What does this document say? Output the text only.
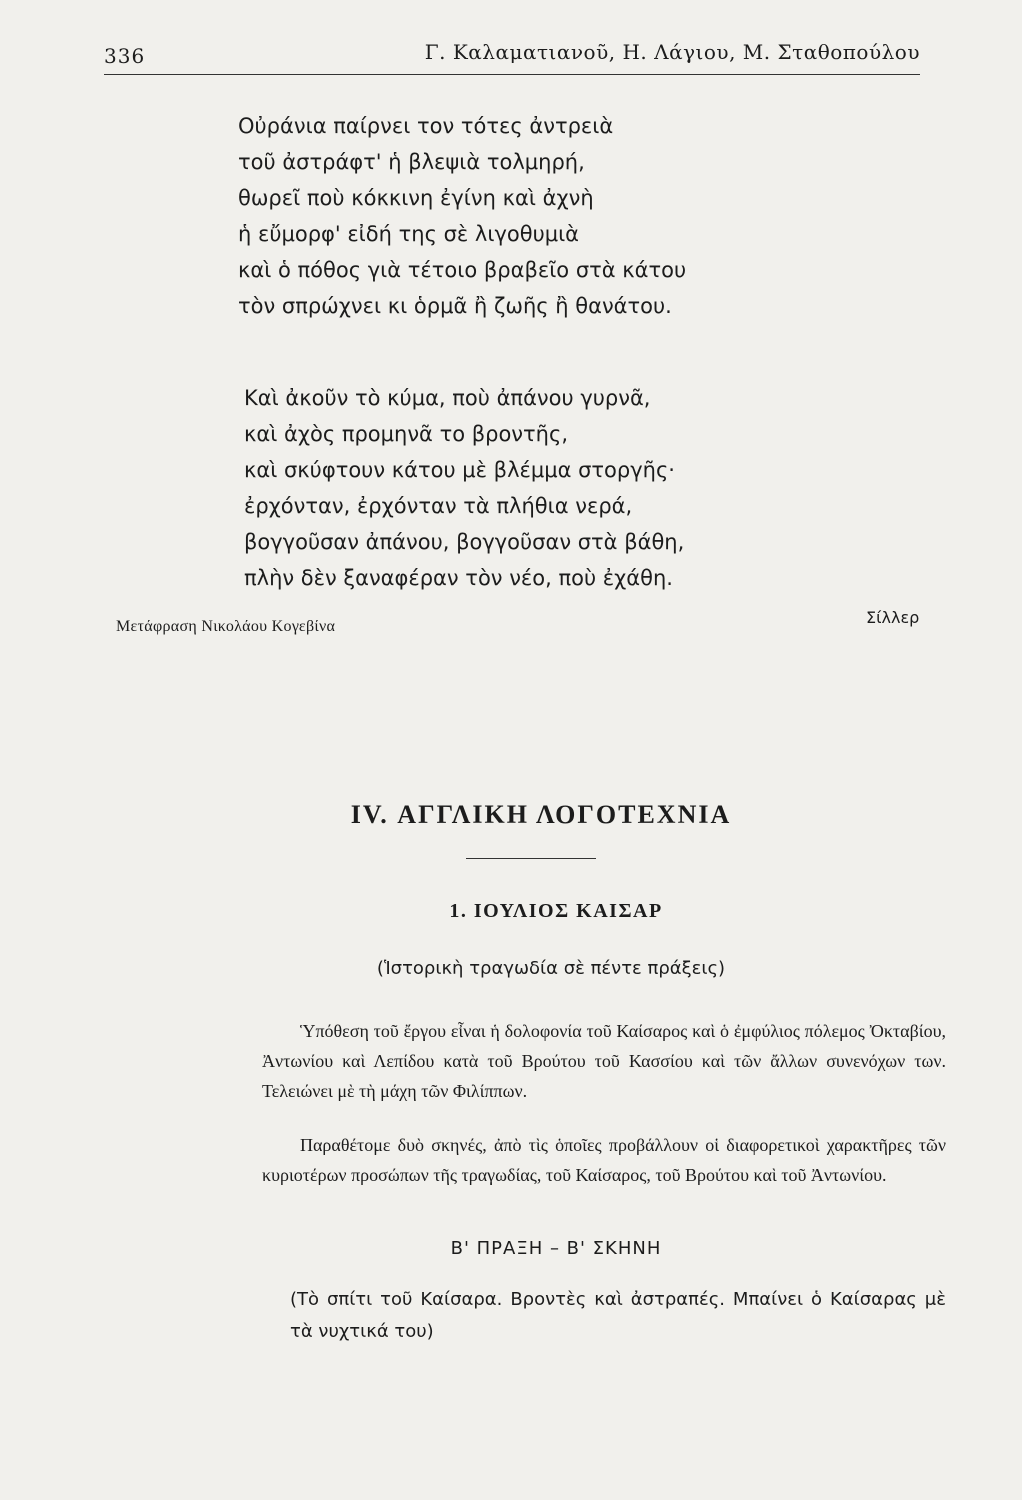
336	Γ. Καλαματιανοῦ, Η. Λάγιου, Μ. Σταθοπούλου
Οὐράνια παίρνει τον τότες ἀντρειὰ
τοῦ ἀστράφτ' ἡ βλεψιὰ τολμηρή,
θωρεῖ ποὺ κόκκινη ἐγίνη καὶ ἀχνὴ
ἡ εὔμορφ' εἰδή της σὲ λιγοθυμιὰ
καὶ ὁ πόθος γιὰ τέτοιο βραβεῖο στὰ κάτου
τὸν σπρώχνει κι ὁρμᾶ ἢ ζωῆς ἢ θανάτου.
Καὶ ἀκοῦν τὸ κύμα, ποὺ ἀπάνου γυρνᾶ,
καὶ ἀχὸς προμηνᾶ το βροντῆς,
καὶ σκύφτουν κάτου μὲ βλέμμα στοργῆς·
ἐρχόνταν, ἐρχόνταν τὰ πλήθια νερά,
βογγοῦσαν ἀπάνου, βογγοῦσαν στὰ βάθη,
πλὴν δὲν ξαναφέραν τὸν νέο, ποὺ ἐχάθη.
Μετάφραση Νικολάου Κογεβίνα	Σίλλερ
IV. ΑΓΓΛΙΚΗ ΛΟΓΟΤΕΧΝΙΑ
1. ΙΟΥΛΙΟΣ ΚΑΙΣΑΡ
(Ἱστορικὴ τραγωδία σὲ πέντε πράξεις)

Ὑπόθεση τοῦ ἔργου εἶναι ἡ δολοφονία τοῦ Καίσαρος καὶ ὁ ἐμφύλιος πόλεμος Ὀκταβίου, Ἀντωνίου καὶ Λεπίδου κατὰ τοῦ Βρούτου τοῦ Κασσίου καὶ τῶν ἄλλων συνενόχων των. Τελειώνει μὲ τὴ μάχη τῶν Φιλίππων.

Παραθέτομε δυὸ σκηνές, ἀπὸ τὶς ὁποῖες προβάλλουν οἱ διαφορετικοὶ χαρακτῆρες τῶν κυριοτέρων προσώπων τῆς τραγωδίας, τοῦ Καίσαρος, τοῦ Βρούτου καὶ τοῦ Ἀντωνίου.

Β' ΠΡΑΞΗ – Β' ΣΚΗΝΗ

(Τὸ σπίτι τοῦ Καίσαρα. Βροντὲς καὶ ἀστραπές. Μπαίνει ὁ Καίσαρας μὲ τὰ νυχτικά του)
